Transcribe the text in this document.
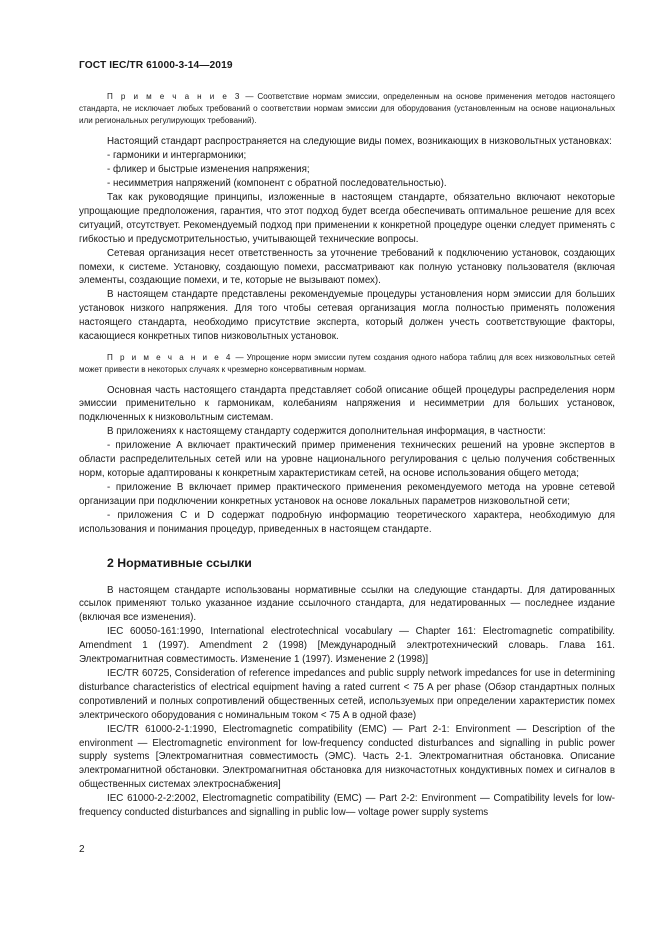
ГОСТ IEC/TR 61000-3-14—2019

П р и м е ч а н и е 3 — Соответствие нормам эмиссии, определенным на основе применения методов настоящего стандарта, не исключает любых требований о соответствии нормам эмиссии для оборудования (установленным на основе национальных или региональных регулирующих требований).

Настоящий стандарт распространяется на следующие виды помех, возникающих в низковольтных установках:

- гармоники и интергармоники;

- фликер и быстрые изменения напряжения;

- несимметрия напряжений (компонент с обратной последовательностью).

Так как руководящие принципы, изложенные в настоящем стандарте, обязательно включают некоторые упрощающие предположения, гарантия, что этот подход будет всегда обеспечивать оптимальное решение для всех ситуаций, отсутствует. Рекомендуемый подход при применении к конкретной процедуре оценки следует применять с гибкостью и предусмотрительностью, учитывающей технические вопросы.

Сетевая организация несет ответственность за уточнение требований к подключению установок, создающих помехи, к системе. Установку, создающую помехи, рассматривают как полную установку пользователя (включая элементы, создающие помехи, и те, которые не вызывают помех).

В настоящем стандарте представлены рекомендуемые процедуры установления норм эмиссии для больших установок низкого напряжения. Для того чтобы сетевая организация могла полностью применять положения настоящего стандарта, необходимо присутствие эксперта, который должен учесть соответствующие факторы, касающиеся конкретных типов низковольтных установок.

П р и м е ч а н и е 4 — Упрощение норм эмиссии путем создания одного набора таблиц для всех низковольтных сетей может привести в некоторых случаях к чрезмерно консервативным нормам.

Основная часть настоящего стандарта представляет собой описание общей процедуры распределения норм эмиссии применительно к гармоникам, колебаниям напряжения и несимметрии для больших установок, подключенных к низковольтным системам.

В приложениях к настоящему стандарту содержится дополнительная информация, в частности:

- приложение А включает практический пример применения технических решений на уровне экспертов в области распределительных сетей или на уровне национального регулирования с целью получения собственных норм, которые адаптированы к конкретным характеристикам сетей, на основе использования общего метода;

- приложение В включает пример практического применения рекомендуемого метода на уровне сетевой организации при подключении конкретных установок на основе локальных параметров низковольтной сети;

- приложения С и D содержат подробную информацию теоретического характера, необходимую для использования и понимания процедур, приведенных в настоящем стандарте.

2 Нормативные ссылки

В настоящем стандарте использованы нормативные ссылки на следующие стандарты. Для датированных ссылок применяют только указанное издание ссылочного стандарта, для недатированных — последнее издание (включая все изменения).

IEC 60050-161:1990, International electrotechnical vocabulary — Chapter 161: Electromagnetic compatibility. Amendment 1 (1997). Amendment 2 (1998) [Международный электротехнический словарь. Глава 161. Электромагнитная совместимость. Изменение 1 (1997). Изменение 2 (1998)]

IEC/TR 60725, Consideration of reference impedances and public supply network impedances for use in determining disturbance characteristics of electrical equipment having a rated current < 75 A per phase (Обзор стандартных полных сопротивлений и полных сопротивлений общественных сетей, используемых при определении характеристик помех электрического оборудования с номинальным током < 75 А в одной фазе)

IEC/TR 61000-2-1:1990, Electromagnetic compatibility (EMC) — Part 2-1: Environment — Description of the environment — Electromagnetic environment for low-frequency conducted disturbances and signalling in public power supply systems [Электромагнитная совместимость (ЭМС). Часть 2-1. Электромагнитная обстановка. Описание электромагнитной обстановки. Электромагнитная обстановка для низкочастотных кондуктивных помех и сигналов в общественных системах электроснабжения]

IEC 61000-2-2:2002, Electromagnetic compatibility (EMC) — Part 2-2: Environment — Compatibility levels for low-frequency conducted disturbances and signalling in public low— voltage power supply systems

2
